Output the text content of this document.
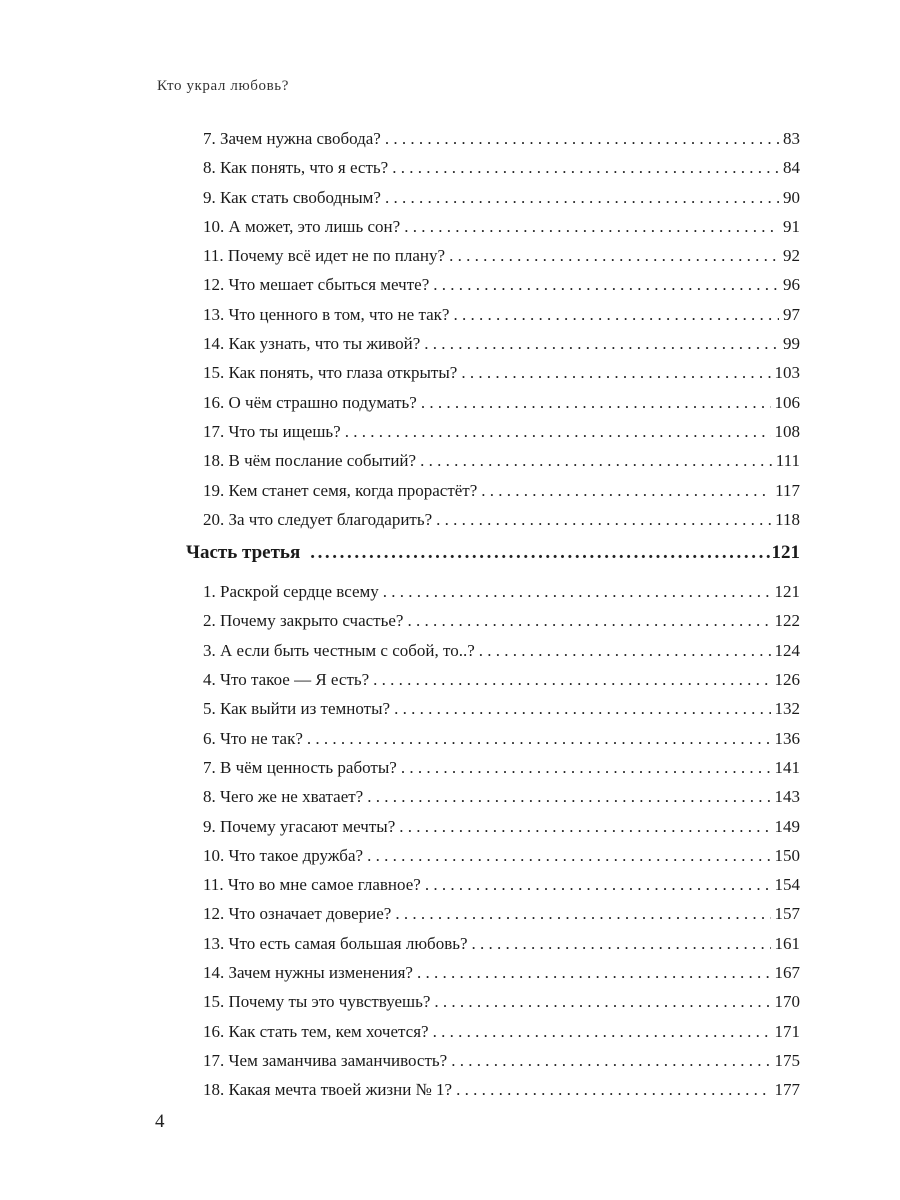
Кто украл любовь?
7. Зачем нужна свобода? . . .	83
8. Как понять, что я есть? . . .	84
9. Как стать свободным? . . .	90
10. А может, это лишь сон? . . .	91
11. Почему всё идет не по плану? . . .	92
12. Что мешает сбыться мечте? . . .	96
13. Что ценного в том, что не так? . . .	97
14. Как узнать, что ты живой? . . .	99
15. Как понять, что глаза открыты? . . .	103
16. О чём страшно подумать? . . .	106
17. Что ты ищешь? . . .	108
18. В чём послание событий? . . .	111
19. Кем станет семя, когда прорастёт? . . .	117
20. За что следует благодарить? . . .	118
Часть третья .....	121
1. Раскрой сердце всему . . .	121
2. Почему закрыто счастье? . . .	122
3. А если быть честным с собой, то..? . . .	124
4. Что такое — Я есть? . . .	126
5. Как выйти из темноты? . . .	132
6. Что не так? . . .	136
7. В чём ценность работы? . . .	141
8. Чего же не хватает? . . .	143
9. Почему угасают мечты? . . .	149
10. Что такое дружба? . . .	150
11. Что во мне самое главное? . . .	154
12. Что означает доверие? . . .	157
13. Что есть самая большая любовь? . . .	161
14. Зачем нужны изменения? . . .	167
15. Почему ты это чувствуешь? . . .	170
16. Как стать тем, кем хочется? . . .	171
17. Чем заманчива заманчивость? . . .	175
18. Какая мечта твоей жизни № 1? . . .	177
4
